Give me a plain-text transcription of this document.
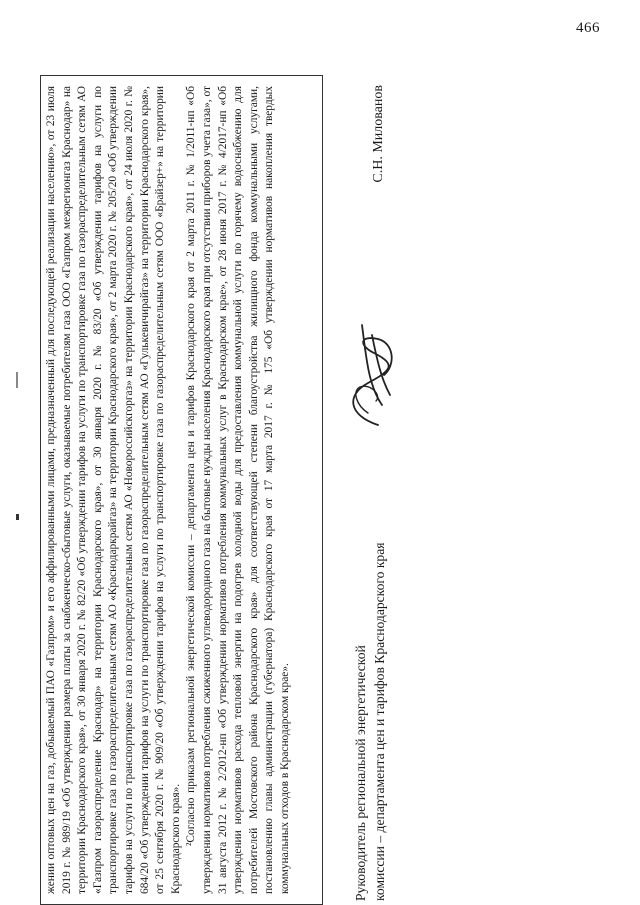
466

жении оптовых цен на газ, добываемый ПАО «Газпром» и его аффилированными лицами, предназначенный для последующей реализации населению», от 23 июля 2019 г. № 989/19 «Об утверждении размера платы за снабженческо-сбытовые услуги, оказываемые потребителям газа ООО «Газпром межрегионгаз Краснодар» на территории Краснодарского края», от 30 января 2020 г. № 82/20 «Об утверждении тарифов на услуги по транспортировке газа по газораспределительным сетям АО «Газпром газораспределение Краснодар» на территории Краснодарского края», от 30 января 2020 г. № 83/20 «Об утверждении тарифов на услуги по транспортировке газа по газораспределительным сетям АО «Краснодаркрайгаз» на территории Краснодарского края», от 2 марта 2020 г. № 205/20 «Об утверждении тарифов на услуги по транспортировке газа по газораспределительным сетям АО «Новороссийскгоргаз» на территории Краснодарского края», от 24 июля 2020 г. № 684/20 «Об утверждении тарифов на услуги по транспортировке газа по газораспределительным сетям АО «Гулькевичирайгаз» на территории Краснодарского края», от 25 сентября 2020 г. № 909/20 «Об утверждении тарифов на услуги по транспортировке газа по газораспределительным сетям ООО «Брайзер+» на территории Краснодарского края». ²Согласно приказам региональной энергетической комиссии – департамента цен и тарифов Краснодарского края от 2 марта 2011 г. № 1/2011-нп «Об утверждении нормативов потребления сжиженного углеводородного газа на бытовые нужды населения Краснодарского края при отсутствии приборов учета газа», от 31 августа 2012 г. № 2/2012-нп «Об утверждении нормативов потребления коммунальных услуг в Краснодарском крае», от 28 июня 2017 г. № 4/2017-нп «Об утверждении нормативов расхода тепловой энергии на подогрев холодной воды для предоставления коммунальной услуги по горячему водоснабжению для потребителей Мостовского района Краснодарского края» для соответствующей степени благоустройства жилищного фонда коммунальными услугами, постановлению главы администрации (губернатора) Краснодарского края от 17 марта 2017 г. № 175 «Об утверждении нормативов накопления твердых коммунальных отходов в Краснодарском крае».	Руководитель региональной энергетической комиссии – департамента цен и тарифов Краснодарского края
С.Н. Милованов
